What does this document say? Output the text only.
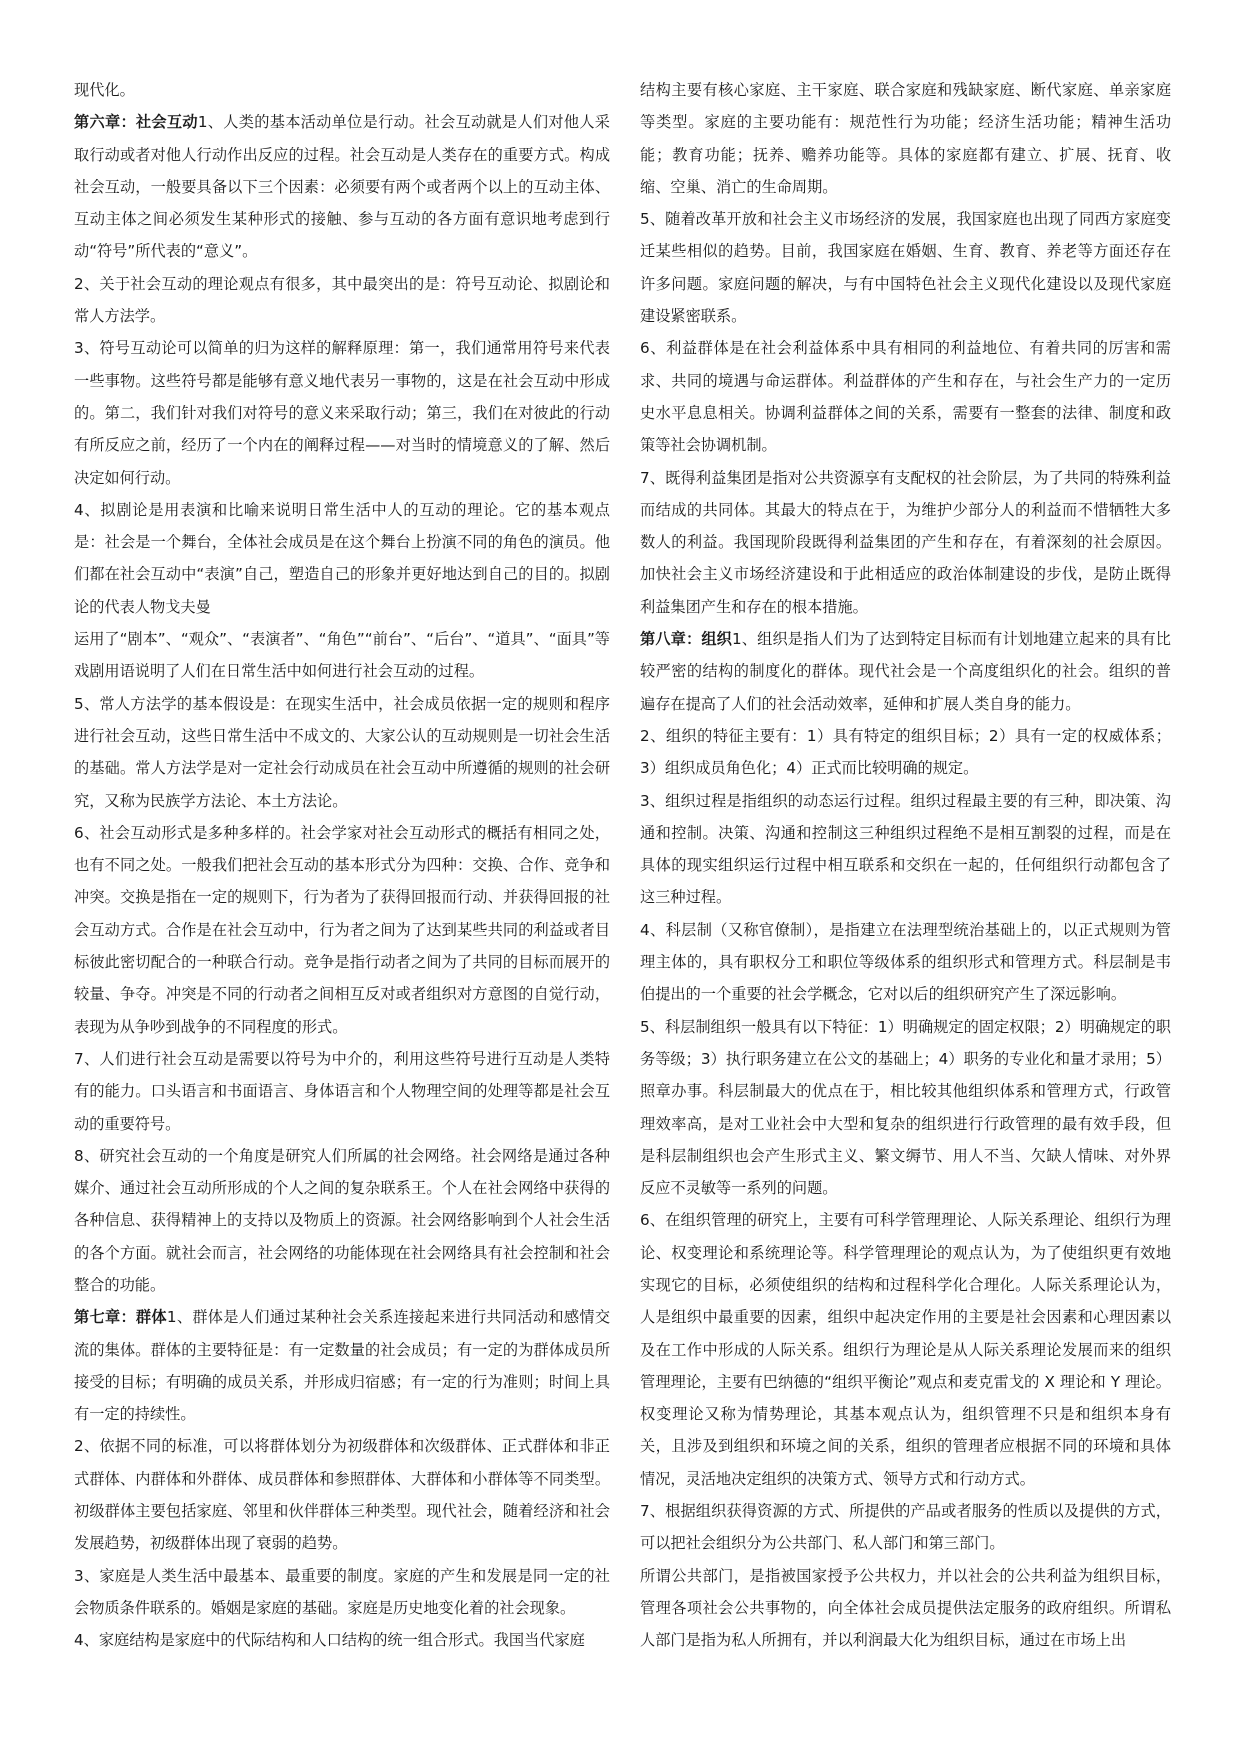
现代化。

第六章：社会互动1、人类的基本活动单位是行动。社会互动就是人们对他人采取行动或者对他人行动作出反应的过程。社会互动是人类存在的重要方式。构成社会互动，一般要具备以下三个因素：必须要有两个或者两个以上的互动主体、互动主体之间必须发生某种形式的接触、参与互动的各方面有意识地考虑到行动“符号”所代表的“意义”。

2、关于社会互动的理论观点有很多，其中最突出的是：符号互动论、拟剧论和常人方法学。

3、符号互动论可以简单的归为这样的解释原理：第一，我们通常用符号来代表一些事物。这些符号都是能够有意义地代表另一事物的，这是在社会互动中形成的。第二，我们针对我们对符号的意义来采取行动；第三，我们在对彼此的行动有所反应之前，经历了一个内在的阐释过程——对当时的情境意义的了解、然后决定如何行动。

4、拟剧论是用表演和比喻来说明日常生活中人的互动的理论。它的基本观点是：社会是一个舞台，全体社会成员是在这个舞台上扮演不同的角色的演员。他们都在社会互动中“表演”自己，塑造自己的形象并更好地达到自己的目的。拟剧论的代表人物戈夫曼

运用了“剧本”、“观众”、“表演者”、“角色”“前台”、“后台”、“道具”、“面具”等戏剧用语说明了人们在日常生活中如何进行社会互动的过程。

5、常人方法学的基本假设是：在现实生活中，社会成员依据一定的规则和程序进行社会互动，这些日常生活中不成文的、大家公认的互动规则是一切社会生活的基础。常人方法学是对一定社会行动成员在社会互动中所遵循的规则的社会研究，又称为民族学方法论、本土方法论。

6、社会互动形式是多种多样的。社会学家对社会互动形式的概括有相同之处，也有不同之处。一般我们把社会互动的基本形式分为四种：交换、合作、竞争和冲突。交换是指在一定的规则下，行为者为了获得回报而行动、并获得回报的社会互动方式。合作是在社会互动中，行为者之间为了达到某些共同的利益或者目标彼此密切配合的一种联合行动。竞争是指行动者之间为了共同的目标而展开的较量、争夺。冲突是不同的行动者之间相互反对或者组织对方意图的自觉行动，表现为从争吵到战争的不同程度的形式。

7、人们进行社会互动是需要以符号为中介的，利用这些符号进行互动是人类特有的能力。口头语言和书面语言、身体语言和个人物理空间的处理等都是社会互动的重要符号。

8、研究社会互动的一个角度是研究人们所属的社会网络。社会网络是通过各种媒介、通过社会互动所形成的个人之间的复杂联系王。个人在社会网络中获得的各种信息、获得精神上的支持以及物质上的资源。社会网络影响到个人社会生活的各个方面。就社会而言，社会网络的功能体现在社会网络具有社会控制和社会整合的功能。

第七章：群体1、群体是人们通过某种社会关系连接起来进行共同活动和感情交流的集体。群体的主要特征是：有一定数量的社会成员；有一定的为群体成员所接受的目标；有明确的成员关系，并形成归宿感；有一定的行为准则；时间上具有一定的持续性。

2、依据不同的标准，可以将群体划分为初级群体和次级群体、正式群体和非正式群体、内群体和外群体、成员群体和参照群体、大群体和小群体等不同类型。初级群体主要包括家庭、邻里和伙伴群体三种类型。现代社会，随着经济和社会发展趋势，初级群体出现了衰弱的趋势。

3、家庭是人类生活中最基本、最重要的制度。家庭的产生和发展是同一定的社会物质条件联系的。婚姻是家庭的基础。家庭是历史地变化着的社会现象。

4、家庭结构是家庭中的代际结构和人口结构的统一组合形式。我国当代家庭

结构主要有核心家庭、主干家庭、联合家庭和残缺家庭、断代家庭、单亲家庭等类型。家庭的主要功能有：规范性行为功能；经济生活功能；精神生活功能；教育功能；抚养、赡养功能等。具体的家庭都有建立、扩展、抚育、收缩、空巢、消亡的生命周期。

5、随着改革开放和社会主义市场经济的发展，我国家庭也出现了同西方家庭变迁某些相似的趋势。目前，我国家庭在婚姻、生育、教育、养老等方面还存在许多问题。家庭问题的解决，与有中国特色社会主义现代化建设以及现代家庭建设紧密联系。

6、利益群体是在社会利益体系中具有相同的利益地位、有着共同的厉害和需求、共同的境遇与命运群体。利益群体的产生和存在，与社会生产力的一定历史水平息息相关。协调利益群体之间的关系，需要有一整套的法律、制度和政策等社会协调机制。

7、既得利益集团是指对公共资源享有支配权的社会阶层，为了共同的特殊利益而结成的共同体。其最大的特点在于，为维护少部分人的利益而不惜牺牲大多数人的利益。我国现阶段既得利益集团的产生和存在，有着深刻的社会原因。加快社会主义市场经济建设和于此相适应的政治体制建设的步伐，是防止既得利益集团产生和存在的根本措施。

第八章：组织1、组织是指人们为了达到特定目标而有计划地建立起来的具有比较严密的结构的制度化的群体。现代社会是一个高度组织化的社会。组织的普遍存在提高了人们的社会活动效率，延伸和扩展人类自身的能力。

2、组织的特征主要有：1）具有特定的组织目标；2）具有一定的权威体系；3）组织成员角色化；4）正式而比较明确的规定。

3、组织过程是指组织的动态运行过程。组织过程最主要的有三种，即决策、沟通和控制。决策、沟通和控制这三种组织过程绝不是相互割裂的过程，而是在具体的现实组织运行过程中相互联系和交织在一起的，任何组织行动都包含了这三种过程。

4、科层制（又称官僚制），是指建立在法理型统治基础上的，以正式规则为管理主体的，具有职权分工和职位等级体系的组织形式和管理方式。科层制是韦伯提出的一个重要的社会学概念，它对以后的组织研究产生了深远影响。

5、科层制组织一般具有以下特征：1）明确规定的固定权限；2）明确规定的职务等级；3）执行职务建立在公文的基础上；4）职务的专业化和量才录用；5）照章办事。科层制最大的优点在于，相比较其他组织体系和管理方式，行政管理效率高，是对工业社会中大型和复杂的组织进行行政管理的最有效手段，但是科层制组织也会产生形式主义、繁文缛节、用人不当、欠缺人情味、对外界反应不灵敏等一系列的问题。

6、在组织管理的研究上，主要有可科学管理理论、人际关系理论、组织行为理论、权变理论和系统理论等。科学管理理论的观点认为，为了使组织更有效地实现它的目标，必须使组织的结构和过程科学化合理化。人际关系理论认为，人是组织中最重要的因素，组织中起决定作用的主要是社会因素和心理因素以及在工作中形成的人际关系。组织行为理论是从人际关系理论发展而来的组织管理理论，主要有巴纳德的“组织平衡论”观点和麦克雷戈的 X 理论和 Y 理论。权变理论又称为情势理论，其基本观点认为，组织管理不只是和组织本身有关，且涉及到组织和环境之间的关系，组织的管理者应根据不同的环境和具体情况，灵活地决定组织的决策方式、领导方式和行动方式。

7、根据组织获得资源的方式、所提供的产品或者服务的性质以及提供的方式，可以把社会组织分为公共部门、私人部门和第三部门。

所谓公共部门，是指被国家授予公共权力，并以社会的公共利益为组织目标，管理各项社会公共事物的，向全体社会成员提供法定服务的政府组织。所谓私人部门是指为私人所拥有，并以利润最大化为组织目标，通过在市场上出
